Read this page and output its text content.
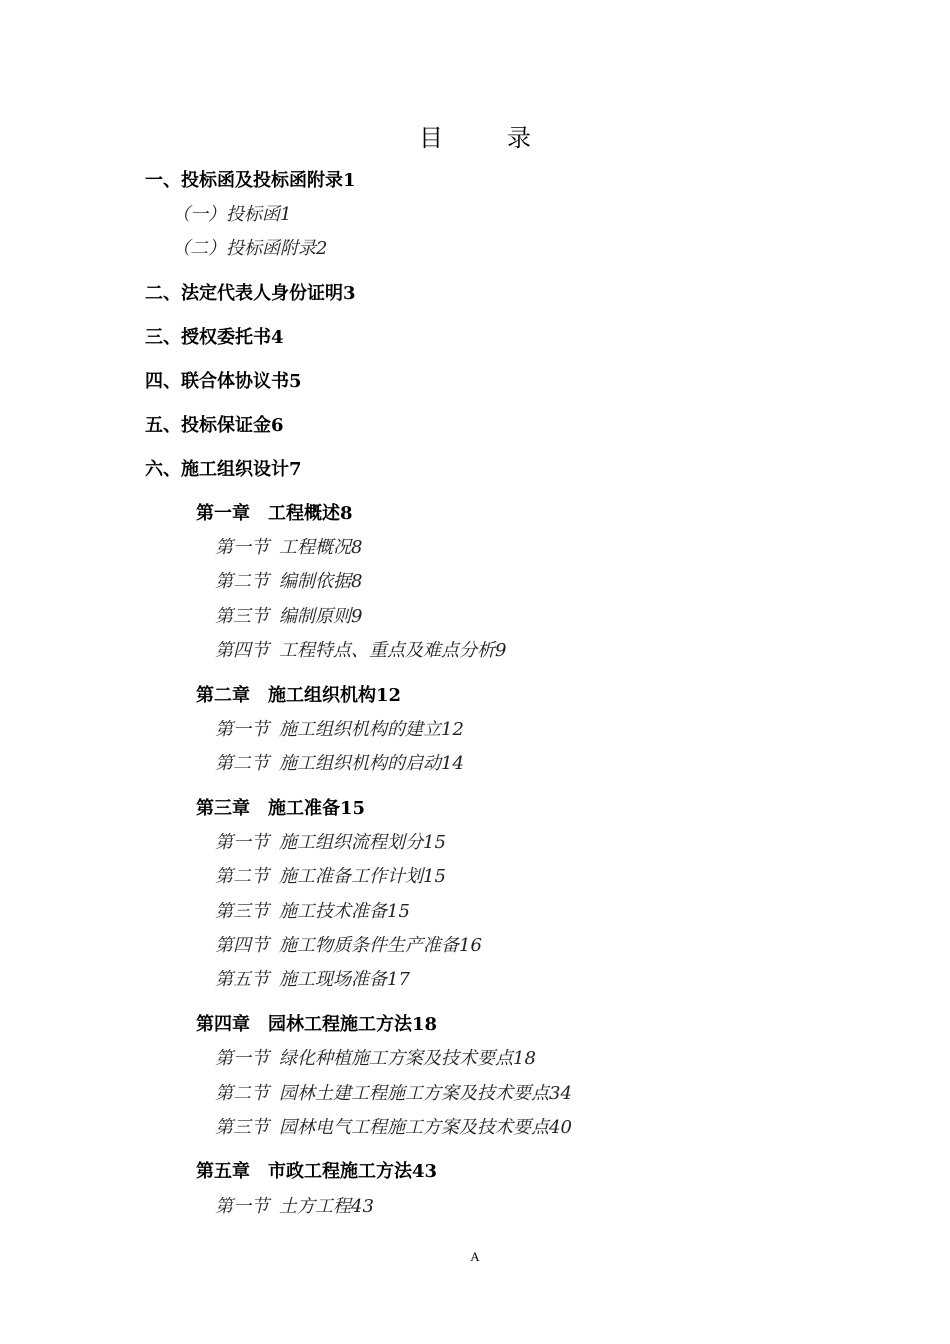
目　录
一、投标函及投标函附录1
（一）投标函1
（二）投标函附录2
二、法定代表人身份证明3
三、授权委托书4
四、联合体协议书5
五、投标保证金6
六、施工组织设计7
第一章 工程概述8
第一节 工程概况8
第二节 编制依据8
第三节 编制原则9
第四节 工程特点、重点及难点分析9
第二章 施工组织机构12
第一节 施工组织机构的建立12
第二节 施工组织机构的启动14
第三章 施工准备15
第一节 施工组织流程划分15
第二节 施工准备工作计划15
第三节 施工技术准备15
第四节 施工物质条件生产准备16
第五节 施工现场准备17
第四章 园林工程施工方法18
第一节 绿化种植施工方案及技术要点18
第二节 园林土建工程施工方案及技术要点34
第三节 园林电气工程施工方案及技术要点40
第五章 市政工程施工方法43
第一节 土方工程43
A
